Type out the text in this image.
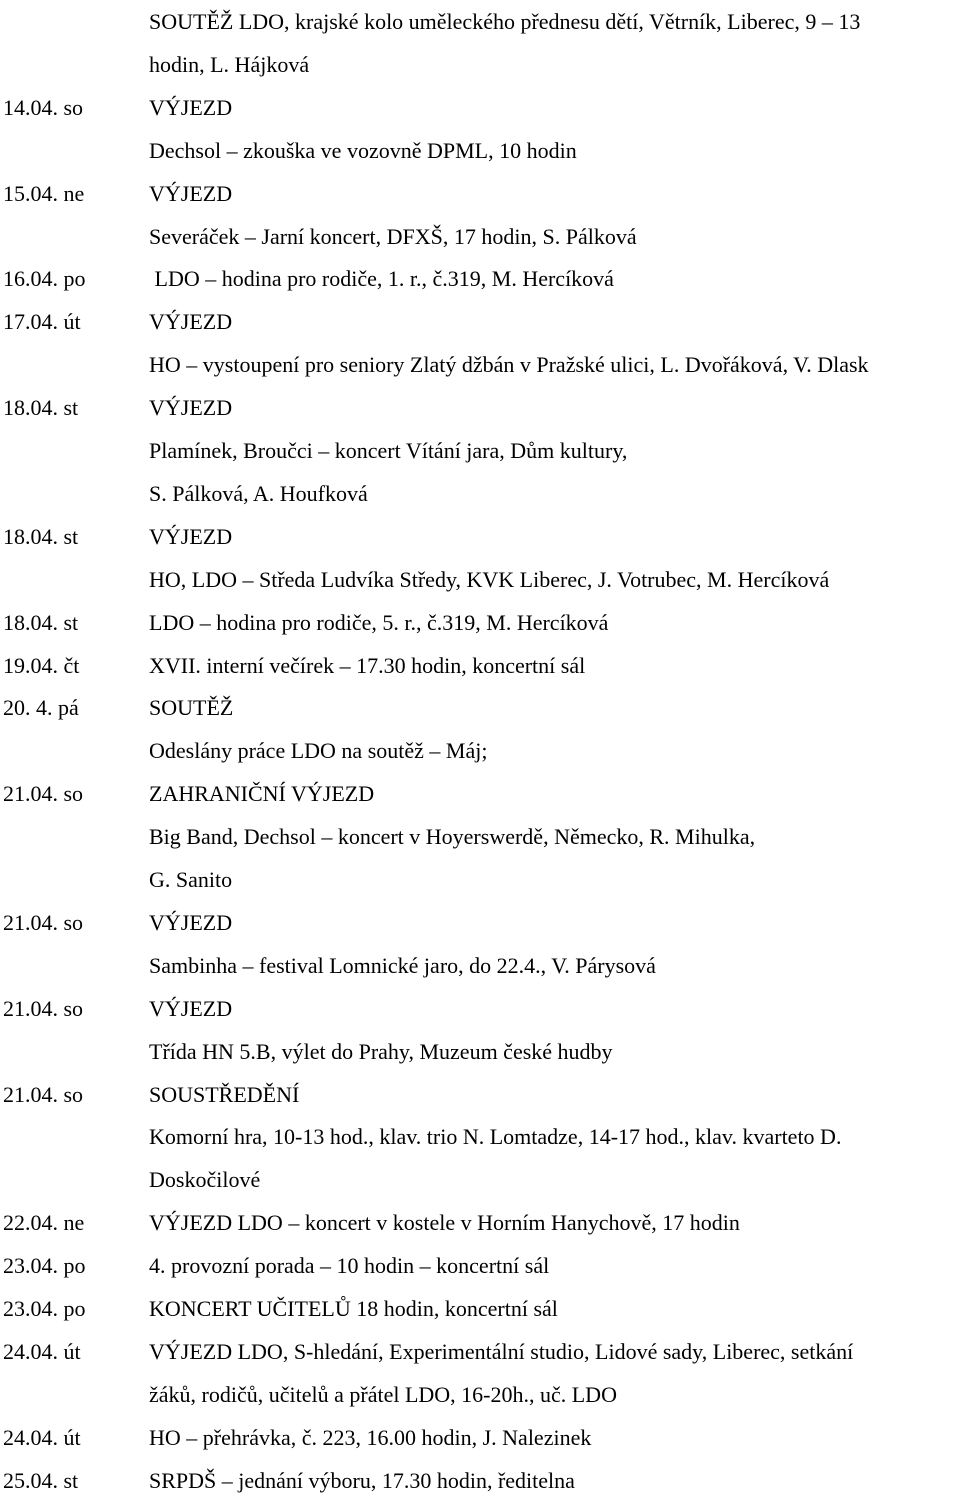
SOUTĚŽ LDO, krajské kolo uměleckého přednesu dětí, Větrník, Liberec, 9 – 13
hodin, L. Hájková
14.04. so	VÝJEZD
Dechsol – zkouška ve vozovně DPML, 10 hodin
15.04. ne	VÝJEZD
Severáček – Jarní koncert, DFXŠ, 17 hodin, S. Pálková
16.04. po	LDO – hodina pro rodiče, 1. r., č.319, M. Hercíková
17.04. út	VÝJEZD
HO – vystoupení pro seniory Zlatý džbán v Pražské ulici, L. Dvořáková, V. Dlask
18.04. st	VÝJEZD
Plamínek, Broučci – koncert Vítání jara, Dům kultury,
S. Pálková, A. Houfková
18.04. st	VÝJEZD
HO, LDO – Středa Ludvíka Středy, KVK Liberec, J. Votrubec, M. Hercíková
18.04. st	LDO – hodina pro rodiče, 5. r., č.319, M. Hercíková
19.04. čt	XVII. interní večírek – 17.30 hodin, koncertní sál
20. 4. pá	SOUTĚŽ
Odeslány práce LDO na soutěž – Máj;
21.04. so	ZAHRANIČNÍ VÝJEZD
Big Band, Dechsol – koncert v Hoyerswerdě, Německo, R. Mihulka,
G. Sanito
21.04. so	VÝJEZD
Sambinha – festival Lomnické jaro, do 22.4., V. Párysová
21.04. so	VÝJEZD
Třída HN 5.B, výlet do Prahy, Muzeum české hudby
21.04. so	SOUSTŘEDĚNÍ
Komorní hra, 10-13 hod., klav. trio N. Lomtadze, 14-17 hod., klav. kvarteto D.
Doskočilové
22.04. ne	VÝJEZD LDO – koncert v kostele v Horním Hanychově, 17 hodin
23.04. po	4. provozní porada – 10 hodin – koncertní sál
23.04. po	KONCERT UČITELŮ 18 hodin, koncertní sál
24.04. út	VÝJEZD LDO, S-hledání, Experimentální studio, Lidové sady, Liberec, setkání
žáků, rodičů, učitelů a přátel LDO, 16-20h., uč. LDO
24.04. út	HO – přehrávka, č. 223, 16.00 hodin, J. Nalezinek
25.04. st	SRPDŠ – jednání výboru, 17.30 hodin, ředitelna
